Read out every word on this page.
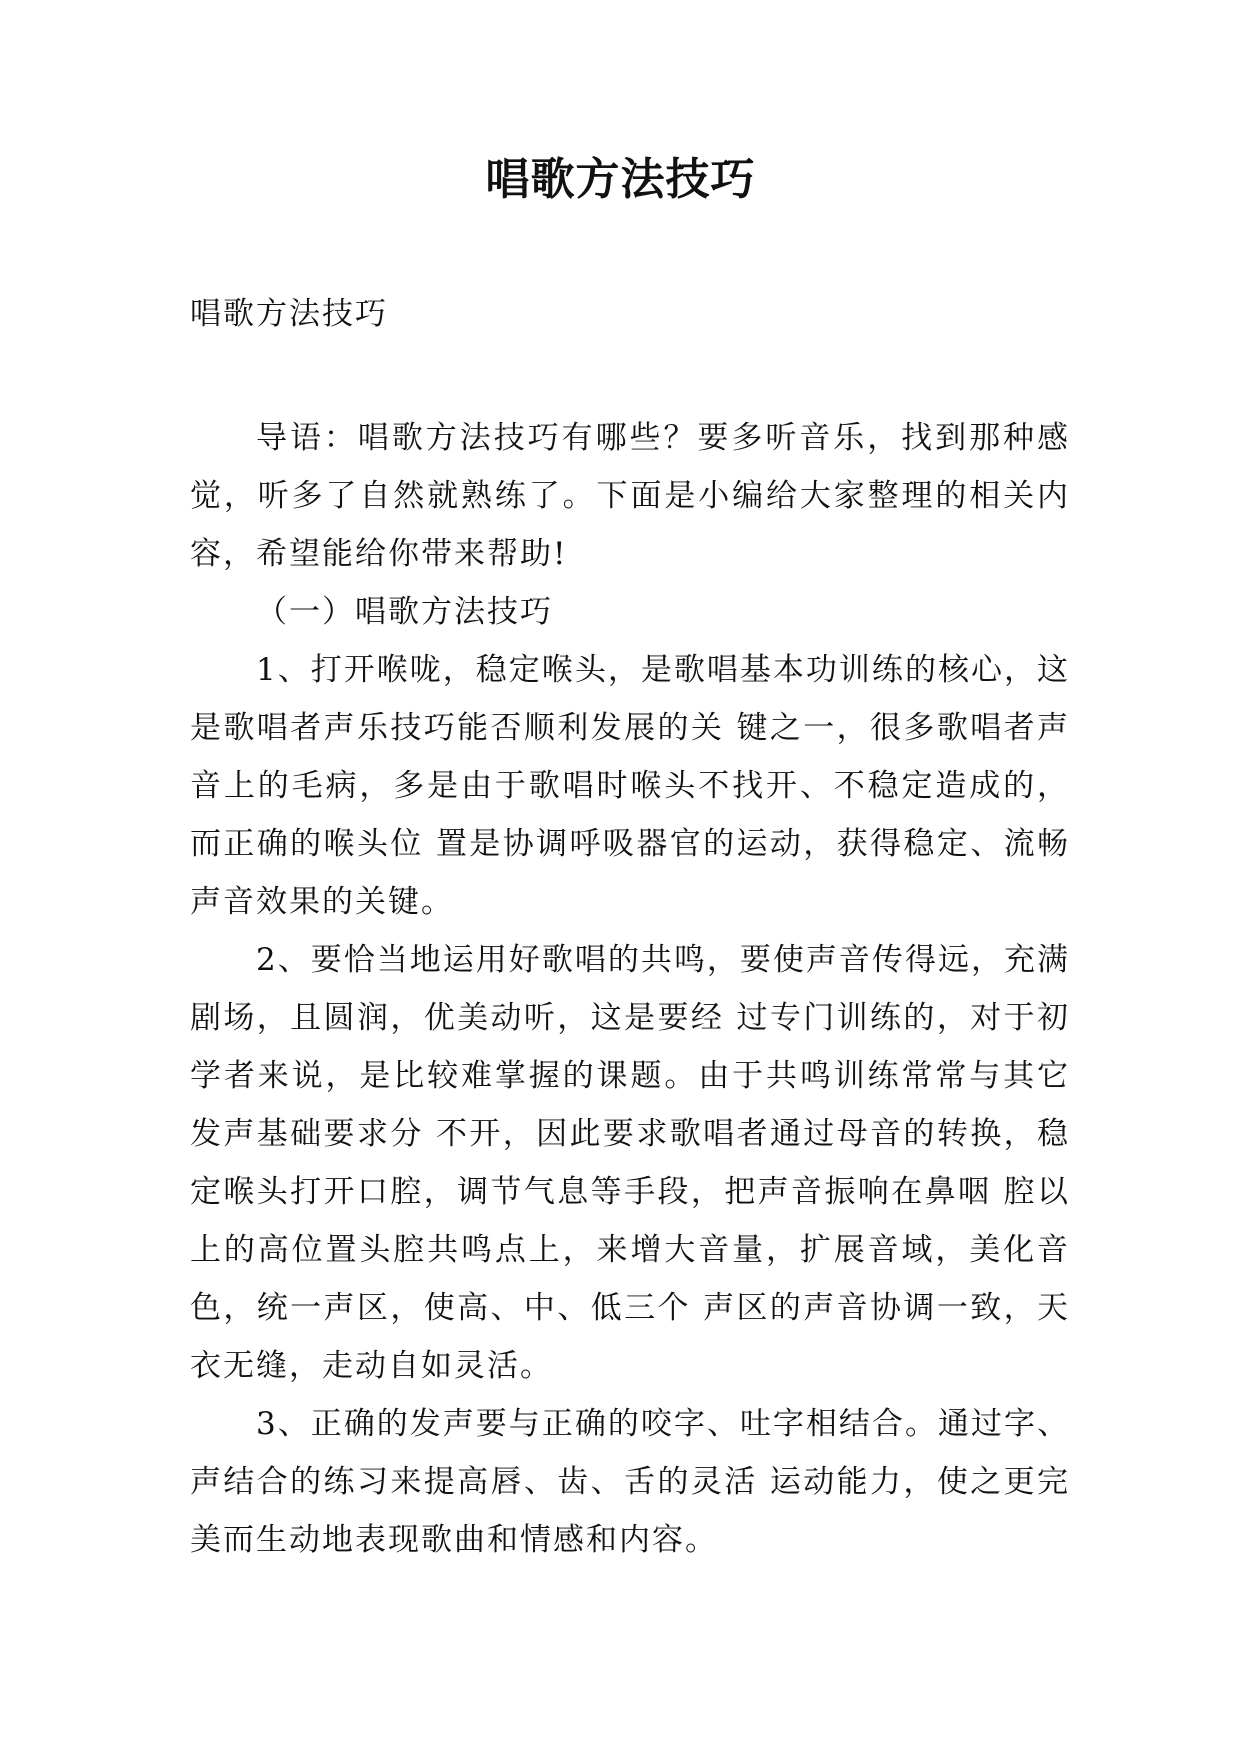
唱歌方法技巧
唱歌方法技巧

导语：唱歌方法技巧有哪些？要多听音乐，找到那种感觉，听多了自然就熟练了。下面是小编给大家整理的相关内容，希望能给你带来帮助!

（一）唱歌方法技巧

1、打开喉咙，稳定喉头，是歌唱基本功训练的核心，这是歌唱者声乐技巧能否顺利发展的关 键之一，很多歌唱者声音上的毛病，多是由于歌唱时喉头不找开、不稳定造成的，而正确的喉头位 置是协调呼吸器官的运动，获得稳定、流畅声音效果的关键。

2、要恰当地运用好歌唱的共鸣，要使声音传得远，充满剧场，且圆润，优美动听，这是要经 过专门训练的，对于初学者来说，是比较难掌握的课题。由于共鸣训练常常与其它发声基础要求分 不开，因此要求歌唱者通过母音的转换，稳定喉头打开口腔，调节气息等手段，把声音振响在鼻咽 腔以上的高位置头腔共鸣点上，来增大音量，扩展音域，美化音色，统一声区，使高、中、低三个 声区的声音协调一致，天衣无缝，走动自如灵活。

3、正确的发声要与正确的咬字、吐字相结合。通过字、声结合的练习来提高唇、齿、舌的灵活 运动能力，使之更完美而生动地表现歌曲和情感和内容。
